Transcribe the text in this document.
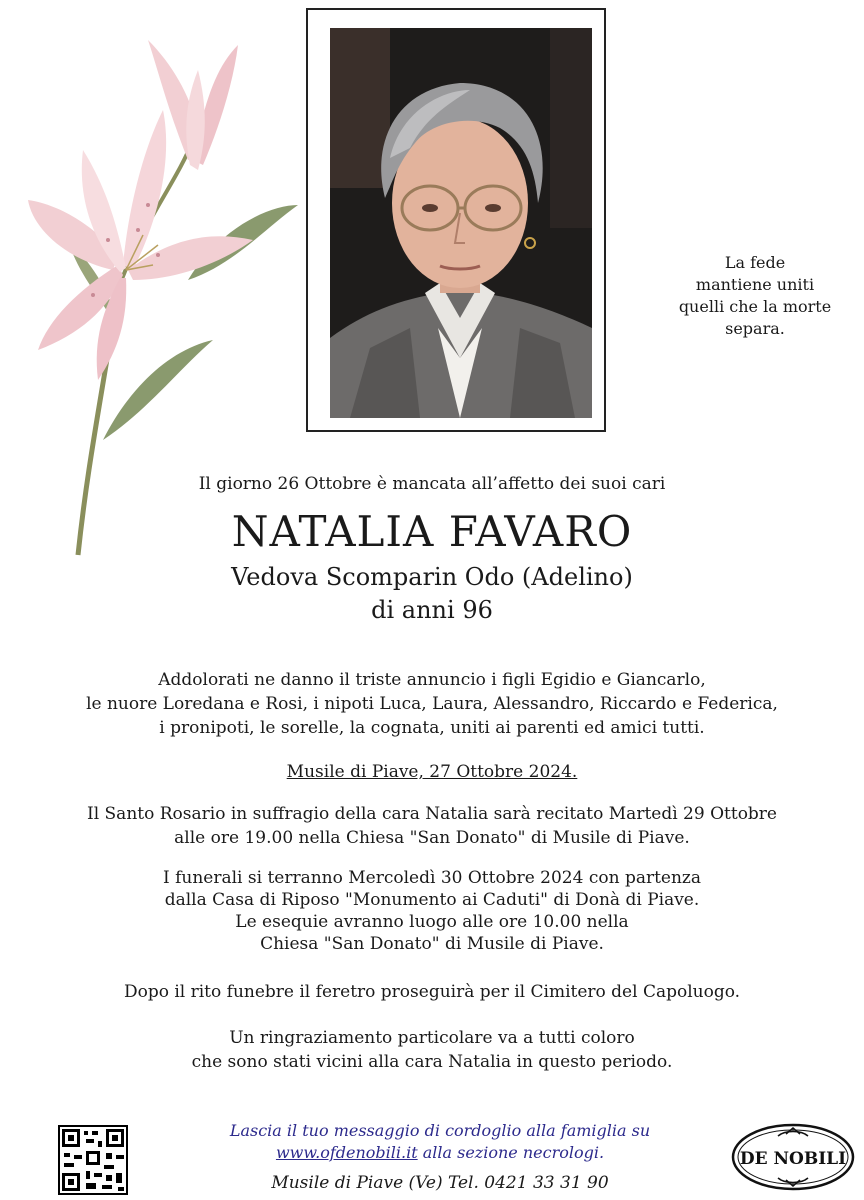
La fede
mantiene uniti
quelli che la morte
separa.
Il giorno 26 Ottobre è mancata all’affetto dei suoi cari
NATALIA FAVARO
Vedova Scomparin Odo (Adelino)
di anni 96
Addolorati ne danno il triste annuncio i figli Egidio e Giancarlo,
le nuore Loredana e Rosi, i nipoti Luca, Laura, Alessandro, Riccardo e Federica,
i pronipoti, le sorelle, la cognata, uniti ai parenti ed amici tutti.
Musile di Piave, 27 Ottobre 2024.
Il Santo Rosario in suffragio della cara Natalia sarà recitato Martedì 29 Ottobre
alle ore 19.00 nella Chiesa "San Donato" di Musile di Piave.
I funerali si terranno Mercoledì 30 Ottobre 2024 con partenza
dalla Casa di Riposo "Monumento ai Caduti" di Donà di Piave.
Le esequie avranno luogo alle ore 10.00 nella
Chiesa "San Donato" di Musile di Piave.
Dopo il rito funebre il feretro proseguirà per il Cimitero del Capoluogo.
Un ringraziamento particolare va a tutti coloro
che sono stati vicini alla cara Natalia in questo periodo.
Lascia il tuo messaggio di cordoglio alla famiglia su
www.ofdenobili.it alla sezione necrologi.
Musile di Piave (Ve) Tel. 0421 33 31 90
DE NOBILI
